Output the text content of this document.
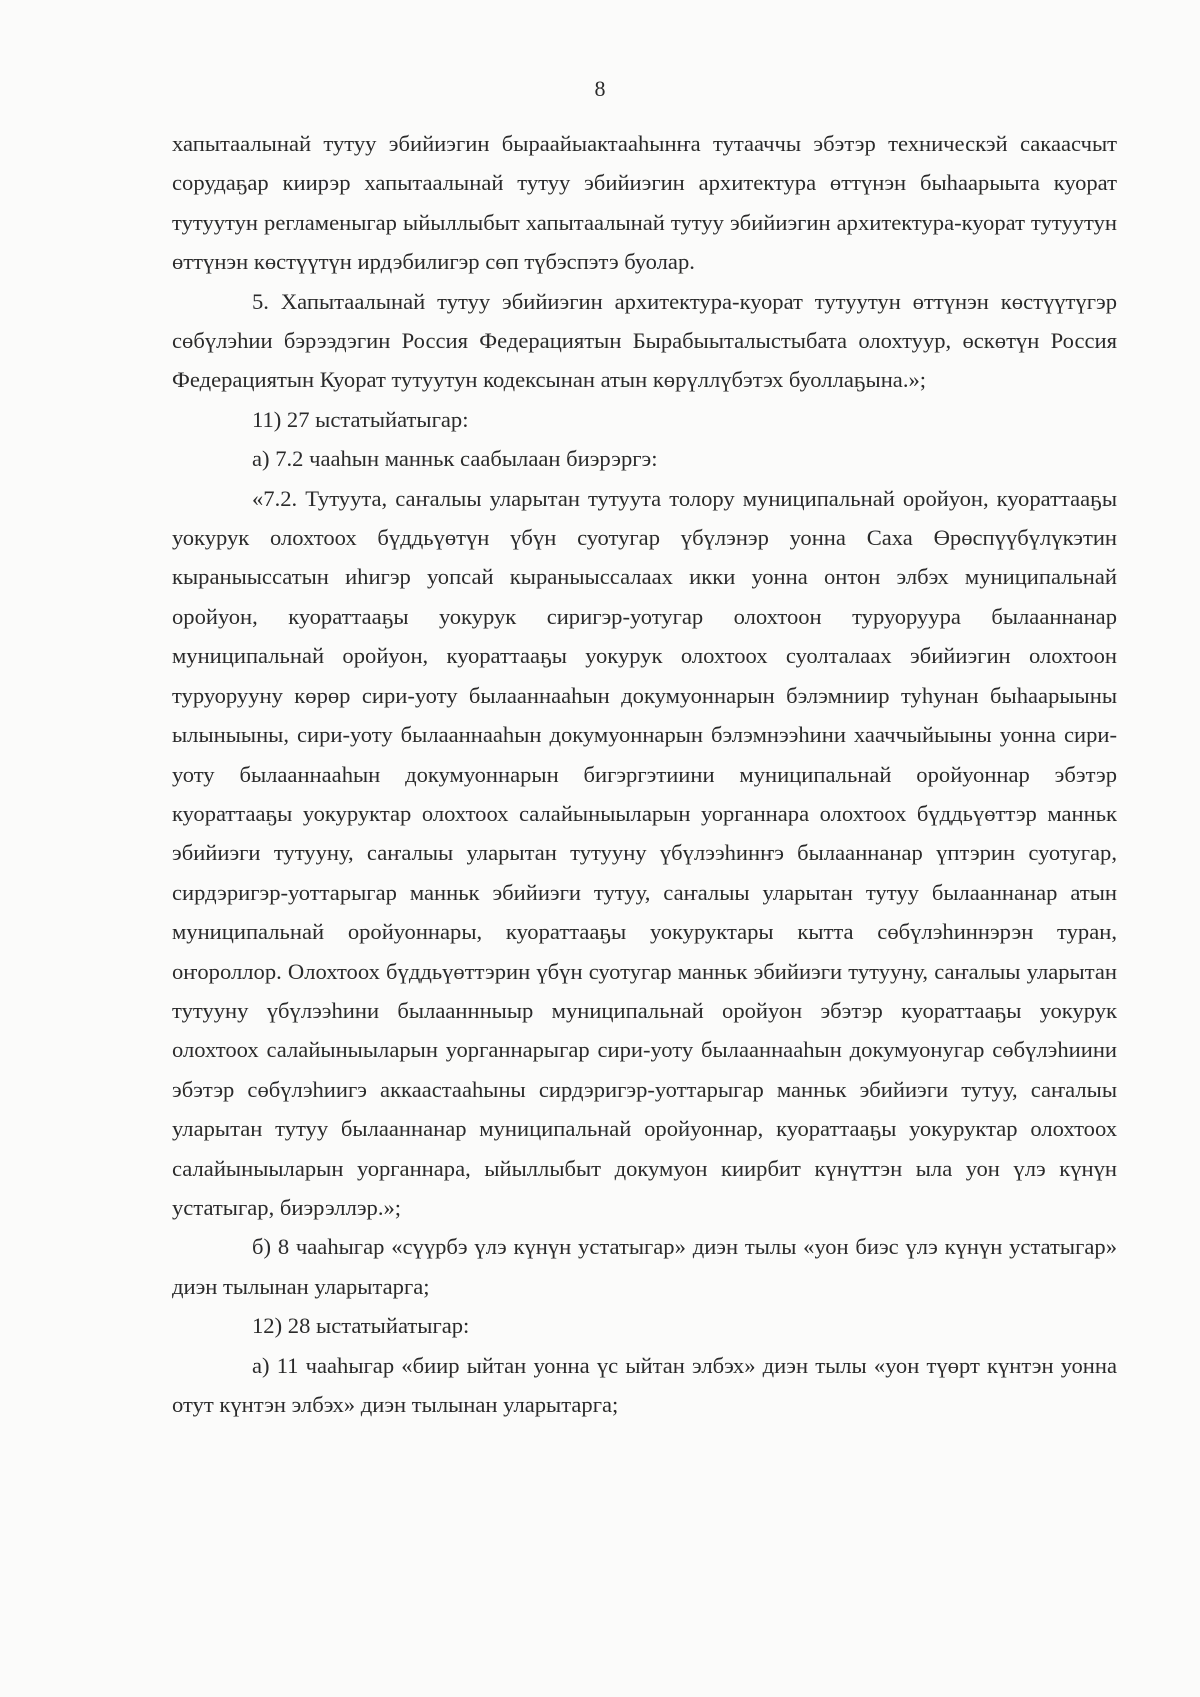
8

хапытаалынай тутуу эбийиэгин быраайыактааһынҥа тутааччы эбэтэр техническэй сакаасчыт сорудаҕар киирэр хапытаалынай тутуу эбийиэгин архитектура өттүнэн быһаарыыта куорат тутуутун регламеныгар ыйыллыбыт хапытаалынай тутуу эбийиэгин архитектура-куорат тутуутун өттүнэн көстүүтүн ирдэбилигэр сөп түбэспэтэ буолар.

5. Хапытаалынай тутуу эбийиэгин архитектура-куорат тутуутун өттүнэн көстүүтүгэр сөбүлэһии бэрээдэгин Россия Федерациятын Бырабыыталыстыбата олохтуур, өскөтүн Россия Федерациятын Куорат тутуутун кодексынан атын көрүллүбэтэх буоллаҕына.»;

11) 27 ыстатыйатыгар:

а) 7.2 чааһын манньк саабылаан биэрэргэ:

«7.2. Тутуута, саҥалыы уларытан тутуута толору муниципальнай оройуон, куораттааҕы уокурук олохтоох бүддьүөтүн үбүн суотугар үбүлэнэр уонна Саха Өрөспүүбүлүкэтин кыраныыссатын иһигэр уопсай кыраныыссалаах икки уонна онтон элбэх муниципальнай оройуон, куораттааҕы уокурук сиригэр-уотугар олохтоон туруоруура былааннанар муниципальнай оройуон, куораттааҕы уокурук олохтоох суолталаах эбийиэгин олохтоон туруорууну көрөр сири-уоту былааннааһын докумуоннарын бэлэмниир туһунан быһаарыыны ылыныыны, сири-уоту былааннааһын докумуоннарын бэлэмнээһини хааччыйыыны уонна сири-уоту былааннааһын докумуоннарын бигэргэтиини муниципальнай оройуоннар эбэтэр куораттааҕы уокуруктар олохтоох салайыныыларын уорганнара олохтоох бүддьүөттэр манньк эбийиэги тутууну, саҥалыы уларытан тутууну үбүлээһинҥэ былааннанар үптэрин суотугар, сирдэригэр-уоттарыгар манньк эбийиэги тутуу, саҥалыы уларытан тутуу былааннанар атын муниципальнай оройуоннары, куораттааҕы уокуруктары кытта сөбүлэһиннэрэн туран, оҥороллор. Олохтоох бүддьүөттэрин үбүн суотугар манньк эбийиэги тутууну, саҥалыы уларытан тутууну үбүлээһини былааннныыр муниципальнай оройуон эбэтэр куораттааҕы уокурук олохтоох салайыныыларын уорганнарыгар сири-уоту былааннааһын докумуонугар сөбүлэһиини эбэтэр сөбүлэһиигэ аккаастааһыны сирдэригэр-уоттарыгар манньк эбийиэги тутуу, саҥалыы уларытан тутуу былааннанар муниципальнай оройуоннар, куораттааҕы уокуруктар олохтоох салайыныыларын уорганнара, ыйыллыбыт докумуон киирбит күнүттэн ыла уон үлэ күнүн устатыгар, биэрэллэр.»;

б) 8 чааһыгар «сүүрбэ үлэ күнүн устатыгар» диэн тылы «уон биэс үлэ күнүн устатыгар» диэн тылынан уларытарга;

12) 28 ыстатыйатыгар:

а) 11 чааһыгар «биир ыйтан уонна үс ыйтан элбэх» диэн тылы «уон түөрт күнтэн уонна отут күнтэн элбэх» диэн тылынан уларытарга;
